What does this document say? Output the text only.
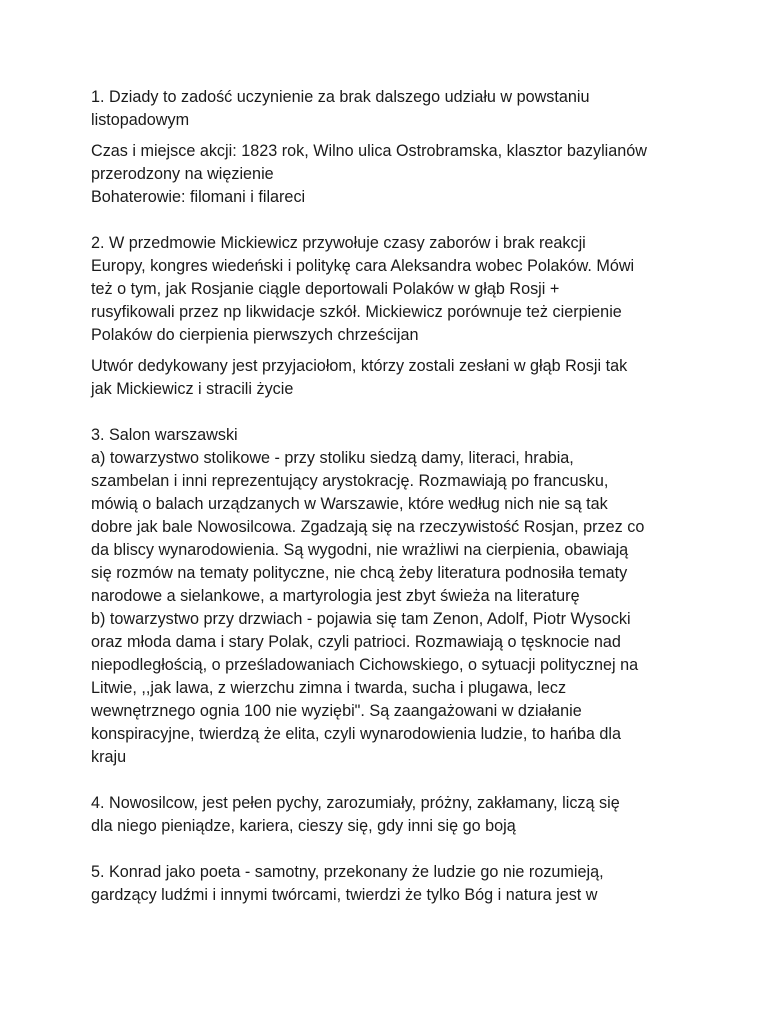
1. Dziady to zadość uczynienie za brak dalszego udziału w powstaniu
listopadowym

Czas i miejsce akcji: 1823 rok, Wilno ulica Ostrobramska, klasztor bazylianów
przerodzony na więzienie
Bohaterowie: filomani i filareci

2. W przedmowie Mickiewicz przywołuje czasy zaborów i brak reakcji
Europy, kongres wiedeński i politykę cara Aleksandra wobec Polaków. Mówi
też o tym, jak Rosjanie ciągle deportowali Polaków w głąb Rosji +
rusyfikowali przez np likwidacje szkół. Mickiewicz porównuje też cierpienie
Polaków do cierpienia pierwszych chrześcijan

Utwór dedykowany jest przyjaciołom, którzy zostali zesłani w głąb Rosji tak
jak Mickiewicz i stracili życie

3. Salon warszawski
a) towarzystwo stolikowe - przy stoliku siedzą damy, literaci, hrabia,
szambelan i inni reprezentujący arystokrację. Rozmawiają po francusku,
mówią o balach urządzanych w Warszawie, które według nich nie są tak
dobre jak bale Nowosilcowa. Zgadzają się na rzeczywistość Rosjan, przez co
da bliscy wynarodowienia. Są wygodni, nie wrażliwi na cierpienia, obawiają
się rozmów na tematy polityczne, nie chcą żeby literatura podnosiła tematy
narodowe a sielankowe, a martyrologia jest zbyt świeża na literaturę
b) towarzystwo przy drzwiach - pojawia się tam Zenon, Adolf, Piotr Wysocki
oraz młoda dama i stary Polak, czyli patrioci. Rozmawiają o tęsknocie nad
niepodległością, o prześladowaniach Cichowskiego, o sytuacji politycznej na
Litwie, ,,jak lawa, z wierzchu zimna i twarda, sucha i plugawa, lecz
wewnętrznego ognia 100 nie wyziębi". Są zaangażowani w działanie
konspiracyjne, twierdzą że elita, czyli wynarodowienia ludzie, to hańba dla
kraju

4. Nowosilcow, jest pełen pychy, zarozumiały, próżny, zakłamany, liczą się
dla niego pieniądze, kariera, cieszy się, gdy inni się go boją

5. Konrad jako poeta - samotny, przekonany że ludzie go nie rozumieją,
gardzący ludźmi i innymi twórcami, twierdzi że tylko Bóg i natura jest w
